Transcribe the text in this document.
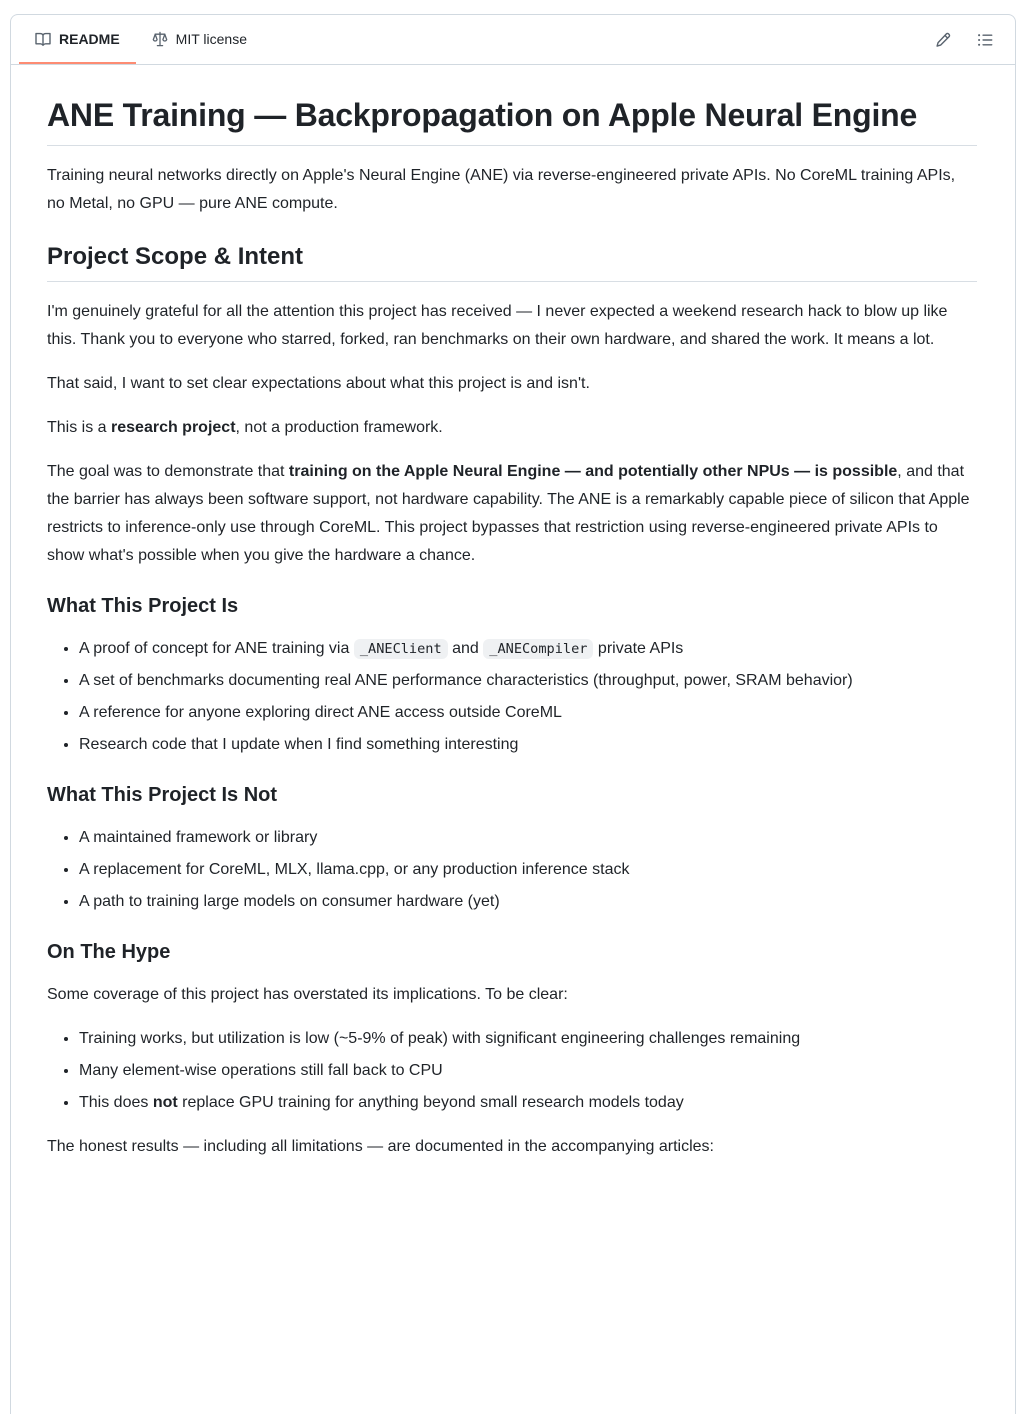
README	MIT license
ANE Training — Backpropagation on Apple Neural Engine

Training neural networks directly on Apple's Neural Engine (ANE) via reverse-engineered private APIs. No CoreML training APIs, no Metal, no GPU — pure ANE compute.

Project Scope & Intent

I'm genuinely grateful for all the attention this project has received — I never expected a weekend research hack to blow up like this. Thank you to everyone who starred, forked, ran benchmarks on their own hardware, and shared the work. It means a lot.

That said, I want to set clear expectations about what this project is and isn't.

This is a research project, not a production framework.

The goal was to demonstrate that training on the Apple Neural Engine — and potentially other NPUs — is possible, and that the barrier has always been software support, not hardware capability. The ANE is a remarkably capable piece of silicon that Apple restricts to inference-only use through CoreML. This project bypasses that restriction using reverse-engineered private APIs to show what's possible when you give the hardware a chance.

What This Project Is
• A proof of concept for ANE training via _ANEClient and _ANECompiler private APIs
• A set of benchmarks documenting real ANE performance characteristics (throughput, power, SRAM behavior)
• A reference for anyone exploring direct ANE access outside CoreML
• Research code that I update when I find something interesting
What This Project Is Not
• A maintained framework or library
• A replacement for CoreML, MLX, llama.cpp, or any production inference stack
• A path to training large models on consumer hardware (yet)
On The Hype

Some coverage of this project has overstated its implications. To be clear:

• Training works, but utilization is low (~5-9% of peak) with significant engineering challenges remaining
• Many element-wise operations still fall back to CPU
• This does not replace GPU training for anything beyond small research models today

The honest results — including all limitations — are documented in the accompanying articles:
